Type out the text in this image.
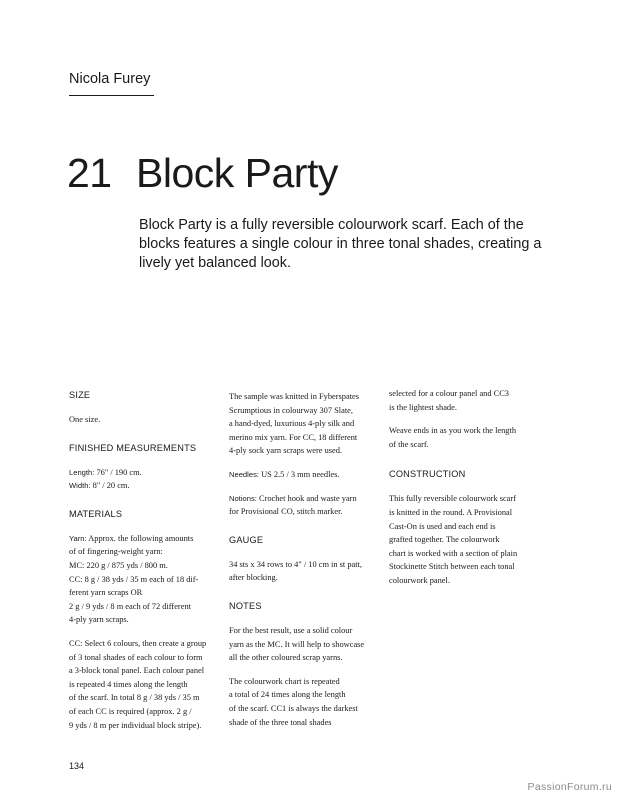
Nicola Furey
21 Block Party

Block Party is a fully reversible colourwork scarf. Each of the blocks features a single colour in three tonal shades, creating a lively yet balanced look.

SIZE
One size.
FINISHED MEASUREMENTS
Length: 76" / 190 cm.
Width: 8" / 20 cm.
MATERIALS
Yarn: Approx. the following amounts
of of fingering-weight yarn:
MC: 220 g / 875 yds / 800 m.
CC: 8 g / 38 yds / 35 m each of 18 dif-
ferent yarn scraps OR
2 g / 9 yds / 8 m each of 72 different
4-ply yarn scraps.
CC: Select 6 colours, then create a group
of 3 tonal shades of each colour to form
a 3-block tonal panel. Each colour panel
is repeated 4 times along the length
of the scarf. In total 8 g / 38 yds / 35 m
of each CC is required (approx. 2 g /
9 yds / 8 m per individual block stripe).
The sample was knitted in Fyberspates
Scrumptious in colourway 307 Slate,
a hand-dyed, luxurious 4-ply silk and
merino mix yarn. For CC, 18 different
4-ply sock yarn scraps were used.
Needles: US 2.5 / 3 mm needles.
Notions: Crochet hook and waste yarn
for Provisional CO, stitch marker.
GAUGE
34 sts x 34 rows to 4" / 10 cm in st patt,
after blocking.
NOTES
For the best result, use a solid colour
yarn as the MC. It will help to showcase
all the other coloured scrap yarns.
The colourwork chart is repeated
a total of 24 times along the length
of the scarf. CC1 is always the darkest
shade of the three tonal shades
selected for a colour panel and CC3
is the lightest shade.
Weave ends in as you work the length
of the scarf.
CONSTRUCTION
This fully reversible colourwork scarf
is knitted in the round. A Provisional
Cast-On is used and each end is
grafted together. The colourwork
chart is worked with a section of plain
Stockinette Stitch between each tonal
colourwork panel.
134
PassionForum.ru
